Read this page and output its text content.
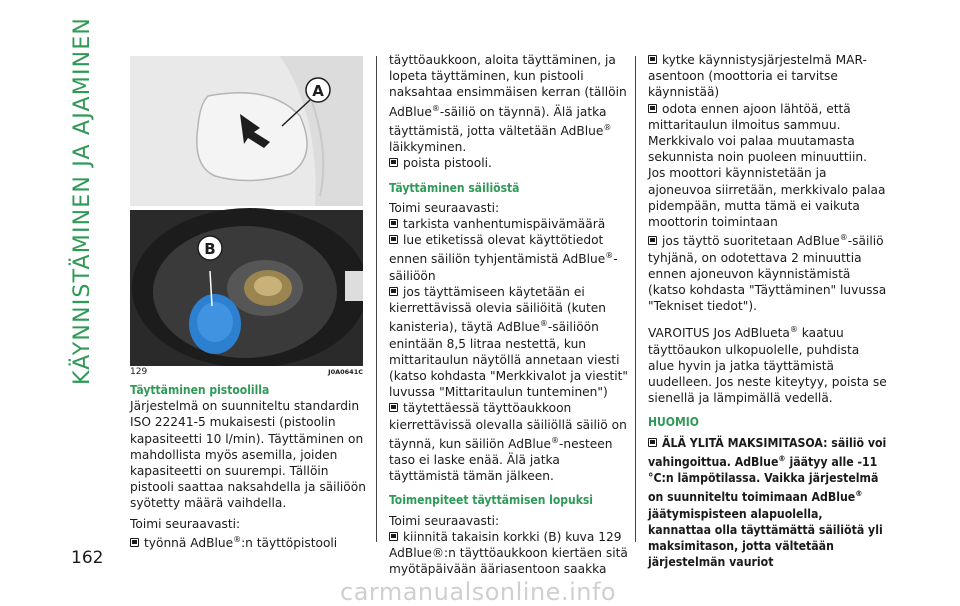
KÄYNNISTÄMINEN JA AJAMINEN
162
A
B
129	J0A0641C

Täyttäminen pistoolilla

Järjestelmä on suunniteltu standardin ISO 22241-5 mukaisesti (pistoolin kapasiteetti 10 l/min). Täyttäminen on mahdollista myös asemilla, joiden kapasiteetti on suurempi. Tällöin pistooli saattaa naksahdella ja säiliöön syötetty määrä vaihdella.

Toimi seuraavasti:

työnnä AdBlue®:n täyttöpistooli

täyttöaukkoon, aloita täyttäminen, ja lopeta täyttäminen, kun pistooli naksahtaa ensimmäisen kerran (tällöin AdBlue®-säiliö on täynnä). Älä jatka täyttämistä, jotta vältetään AdBlue® läikkyminen.

poista pistooli.

Täyttäminen säiliöstä

Toimi seuraavasti:

tarkista vanhentumispäivämäärä

lue etiketissä olevat käyttötiedot ennen säiliön tyhjentämistä AdBlue®-säiliöön

jos täyttämiseen käytetään ei kierrettävissä olevia säiliöitä (kuten kanisteria), täytä AdBlue®-säiliöön enintään 8,5 litraa nestettä, kun mittaritaulun näytöllä annetaan viesti (katso kohdasta "Merkkivalot ja viestit" luvussa "Mittaritaulun tunteminen")

täytettäessä täyttöaukkoon kierrettävissä olevalla säiliöllä säiliö on täynnä, kun säiliön AdBlue®-nesteen taso ei laske enää. Älä jatka täyttämistä tämän jälkeen.

Toimenpiteet täyttämisen lopuksi

Toimi seuraavasti:

kiinnitä takaisin korkki (B) kuva 129 AdBlue®:n täyttöaukkoon kiertäen sitä myötäpäivään ääriasentoon saakka

kytke käynnistysjärjestelmä MAR-asentoon (moottoria ei tarvitse käynnistää)

odota ennen ajoon lähtöä, että mittaritaulun ilmoitus sammuu. Merkkivalo voi palaa muutamasta sekunnista noin puoleen minuuttiin. Jos moottori käynnistetään ja ajoneuvoa siirretään, merkkivalo palaa pidempään, mutta tämä ei vaikuta moottorin toimintaan

jos täyttö suoritetaan AdBlue®-säiliö tyhjänä, on odotettava 2 minuuttia ennen ajoneuvon käynnistämistä (katso kohdasta "Täyttäminen" luvussa "Tekniset tiedot").

VAROITUS Jos AdBlueta® kaatuu täyttöaukon ulkopuolelle, puhdista alue hyvin ja jatka täyttämistä uudelleen. Jos neste kiteytyy, poista se sienellä ja lämpimällä vedellä.

HUOMIO

ÄLÄ YLITÄ MAKSIMITASOA: säiliö voi vahingoittua. AdBlue® jäätyy alle -11 °C:n lämpötilassa. Vaikka järjestelmä on suunniteltu toimimaan AdBlue® jäätymispisteen alapuolella, kannattaa olla täyttämättä säiliötä yli maksimitason, jotta vältetään järjestelmän vauriot

carmanualsonline.info
